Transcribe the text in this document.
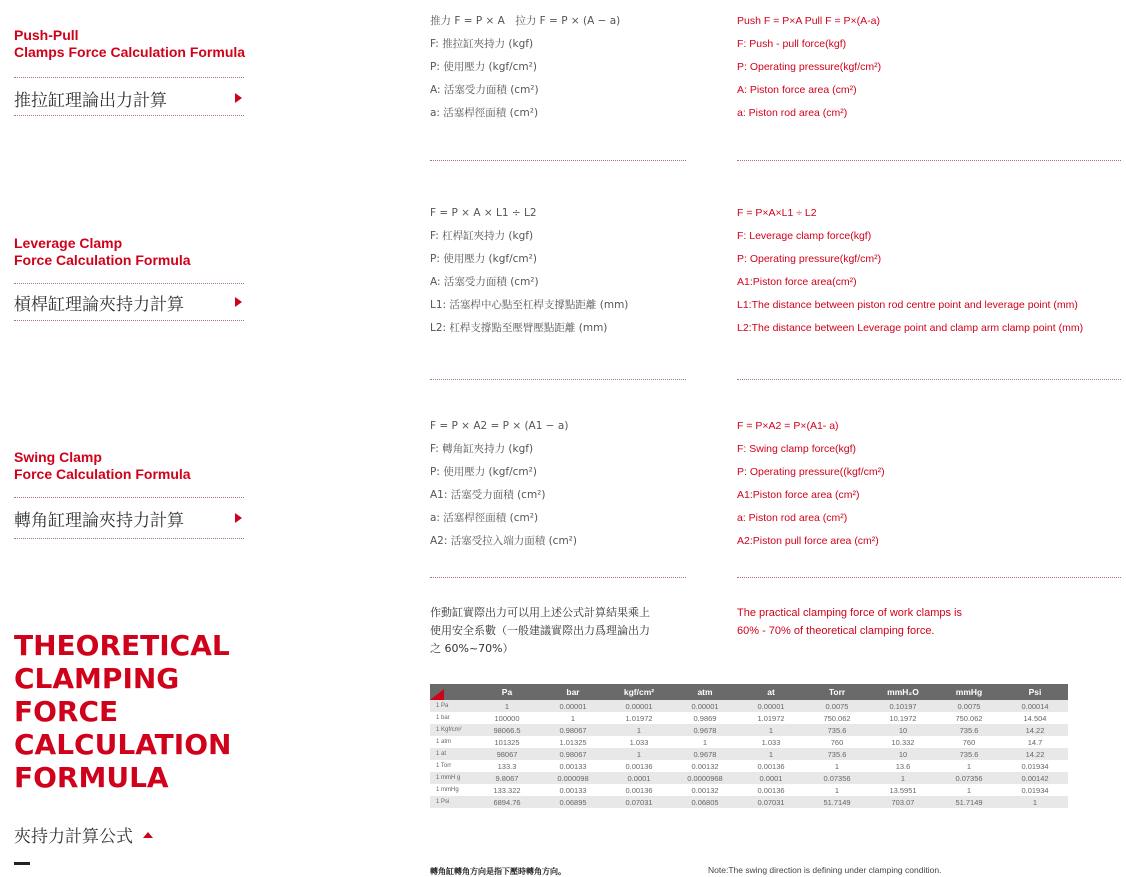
Push-Pull
Clamps Force Calculation Formula
推拉缸理論出力計算
推力 F = P × A　拉力 F = P × (A − a)
F: 推拉缸夾持力 (kgf)
P: 使用壓力 (kgf/cm²)
A: 活塞受力面積 (cm²)
a: 活塞桿徑面積 (cm²)
Push F = P×A Pull F = P×(A-a)
F: Push - pull force(kgf)
P: Operating pressure(kgf/cm²)
A: Piston force area (cm²)
a: Piston rod area (cm²)
Leverage Clamp
Force Calculation Formula
槓桿缸理論夾持力計算
F = P × A × L1 ÷ L2
F: 杠桿缸夾持力 (kgf)
P: 使用壓力 (kgf/cm²)
A: 活塞受力面積 (cm²)
L1: 活塞桿中心點至杠桿支撐點距離 (mm)
L2: 杠桿支撐點至壓臂壓點距離 (mm)
F = P×A×L1 ÷ L2
F: Leverage clamp force(kgf)
P: Operating pressure(kgf/cm²)
A1:Piston force area(cm²)
L1:The distance between piston rod centre point and leverage point (mm)
L2:The distance between Leverage point and clamp arm clamp point (mm)
Swing Clamp
Force Calculation Formula
轉角缸理論夾持力計算
F = P × A2 = P × (A1 − a)
F: 轉角缸夾持力 (kgf)
P: 使用壓力 (kgf/cm²)
A1: 活塞受力面積 (cm²)
a: 活塞桿徑面積 (cm²)
A2: 活塞受拉入端力面積 (cm²)
F = P×A2 = P×(A1- a)
F: Swing clamp force(kgf)
P: Operating pressure((kgf/cm²)
A1:Piston force area (cm²)
a: Piston rod area (cm²)
A2:Piston pull force area (cm²)
作動缸實際出力可以用上述公式計算結果乘上
使用安全系數（一般建議實際出力爲理論出力
之 60%~70%）
The practical clamping force of work clamps is
60% - 70% of theoretical clamping force.
THEORETICAL
CLAMPING
FORCE
CALCULATION
FORMULA
夾持力計算公式
	Pa	bar	kgf/cm²	atm	at	Torr	mmH₂O	mmHg	Psi
1 Pa	1	0.00001	0.00001	0.00001	0.00001	0.0075	0.10197	0.0075	0.00014
1 bar	100000	1	1.01972	0.9869	1.01972	750.062	10.1972	750.062	14.504
1 Kgf/cm²	98066.5	0.98067	1	0.9678	1	735.6	10	735.6	14.22
1 atm	101325	1.01325	1.033	1	1.033	760	10.332	760	14.7
1 at	98067	0.98067	1	0.9678	1	735.6	10	735.6	14.22
1 Torr	133.3	0.00133	0.00136	0.00132	0.00136	1	13.6	1	0.01934
1 mmH g	9.8067	0.000098	0.0001	0.0000968	0.0001	0.07356	1	0.07356	0.00142
1 mmHg	133.322	0.00133	0.00136	0.00132	0.00136	1	13.5951	1	0.01934
1 Psi	6894.76	0.06895	0.07031	0.06805	0.07031	51.7149	703.07	51.7149	1
轉角缸轉角方向是指下壓時轉角方向。	Note:The swing direction is defining under clamping condition.
